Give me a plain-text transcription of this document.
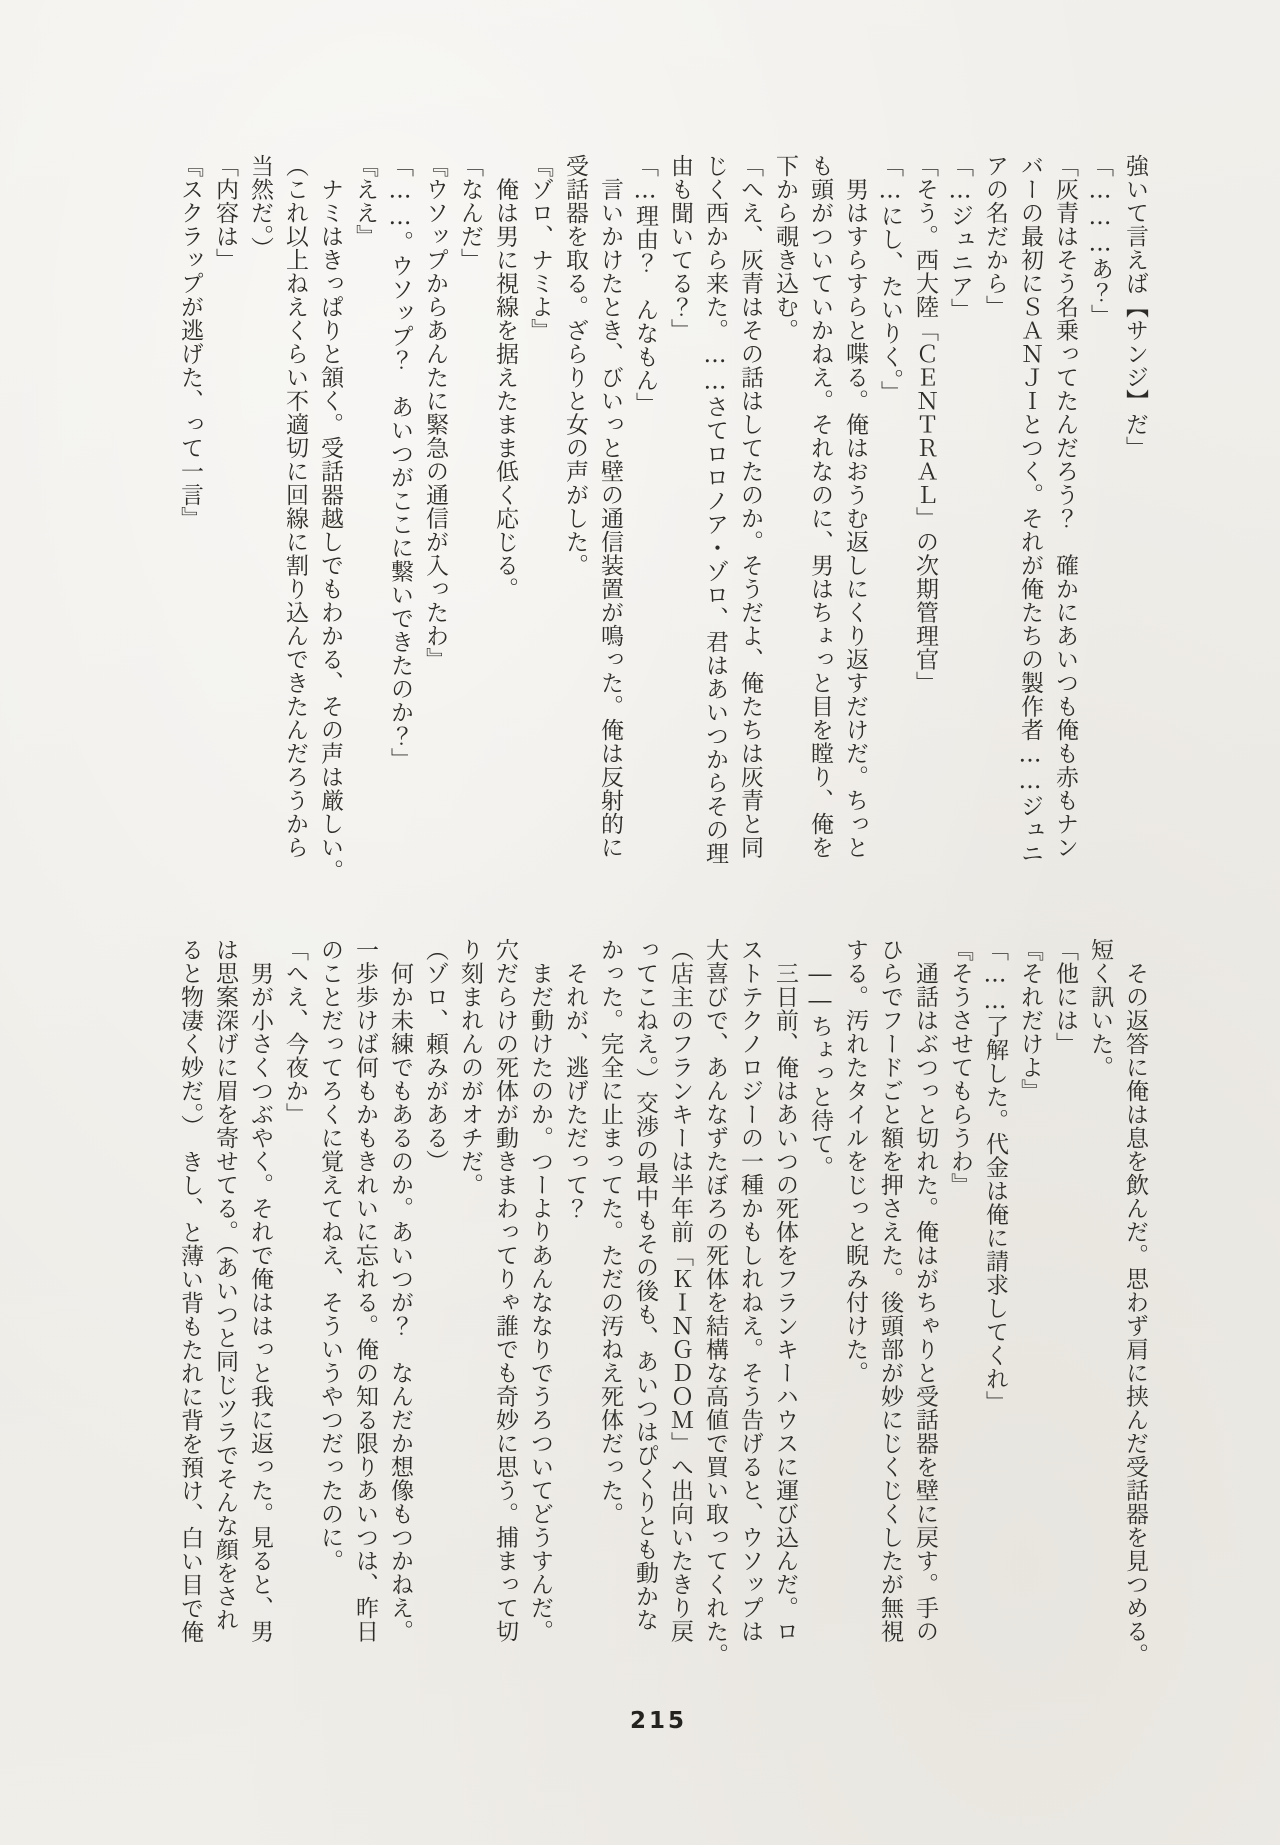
強いて言えば【サンジ】だ」

「………あ？」

「灰青はそう名乗ってたんだろう？　確かにあいつも俺も赤もナン

バーの最初にＳＡＮＪＩとつく。それが俺たちの製作者……ジュニ

アの名だから」

「…ジュニア」

「そう。西大陸「ＣＥＮＴＲＡＬ」の次期管理官」

「…にし、たいりく。」

　男はすらすらと喋る。俺はおうむ返しにくり返すだけだ。ちっと

も頭がついていかねえ。それなのに、男はちょっと目を瞠り、俺を

下から覗き込む。

「へえ、灰青はその話はしてたのか。そうだよ、俺たちは灰青と同

じく西から来た。……さてロロノア・ゾロ、君はあいつからその理

由も聞いてる？」

「…理由？　んなもん」

　言いかけたとき、びいっと壁の通信装置が鳴った。俺は反射的に

受話器を取る。ざらりと女の声がした。

『ゾロ、ナミよ』

　俺は男に視線を据えたまま低く応じる。

「なんだ」

『ウソップからあんたに緊急の通信が入ったわ』

「……。ウソップ？　あいつがここに繋いできたのか？」

『ええ』

　ナミはきっぱりと頷く。受話器越しでもわかる、その声は厳しい。

（これ以上ねえくらい不適切に回線に割り込んできたんだろうから

当然だ。）

「内容は」

『スクラップが逃げた、って一言』

　その返答に俺は息を飲んだ。思わず肩に挟んだ受話器を見つめる。

短く訊いた。

「他には」

『それだけよ』

「……了解した。代金は俺に請求してくれ」

『そうさせてもらうわ』

　通話はぶつっと切れた。俺はがちゃりと受話器を壁に戻す。手の

ひらでフードごと額を押さえた。後頭部が妙にじくじくしたが無視

する。汚れたタイルをじっと睨み付けた。

　――ちょっと待て。

　三日前、俺はあいつの死体をフランキーハウスに運び込んだ。ロ

ストテクノロジーの一種かもしれねえ。そう告げると、ウソップは

大喜びで、あんなずたぼろの死体を結構な高値で買い取ってくれた。

（店主のフランキーは半年前「ＫＩＮＧＤＯＭ」へ出向いたきり戻

ってこねえ。）交渉の最中もその後も、あいつはぴくりとも動かな

かった。完全に止まってた。ただの汚ねえ死体だった。

　それが、逃げただって？

　まだ動けたのか。つーよりあんななりでうろついてどうすんだ。

穴だらけの死体が動きまわってりゃ誰でも奇妙に思う。捕まって切

り刻まれんのがオチだ。

（ゾロ、頼みがある）

　何か未練でもあるのか。あいつが？　なんだか想像もつかねえ。

一歩歩けば何もかもきれいに忘れる。俺の知る限りあいつは、昨日

のことだってろくに覚えてねえ、そういうやつだったのに。

「へえ、今夜か」

　男が小さくつぶやく。それで俺ははっと我に返った。見ると、男

は思案深げに眉を寄せてる。（あいつと同じツラでそんな顔をされ

ると物凄く妙だ。）　きし、と薄い背もたれに背を預け、白い目で俺

215
